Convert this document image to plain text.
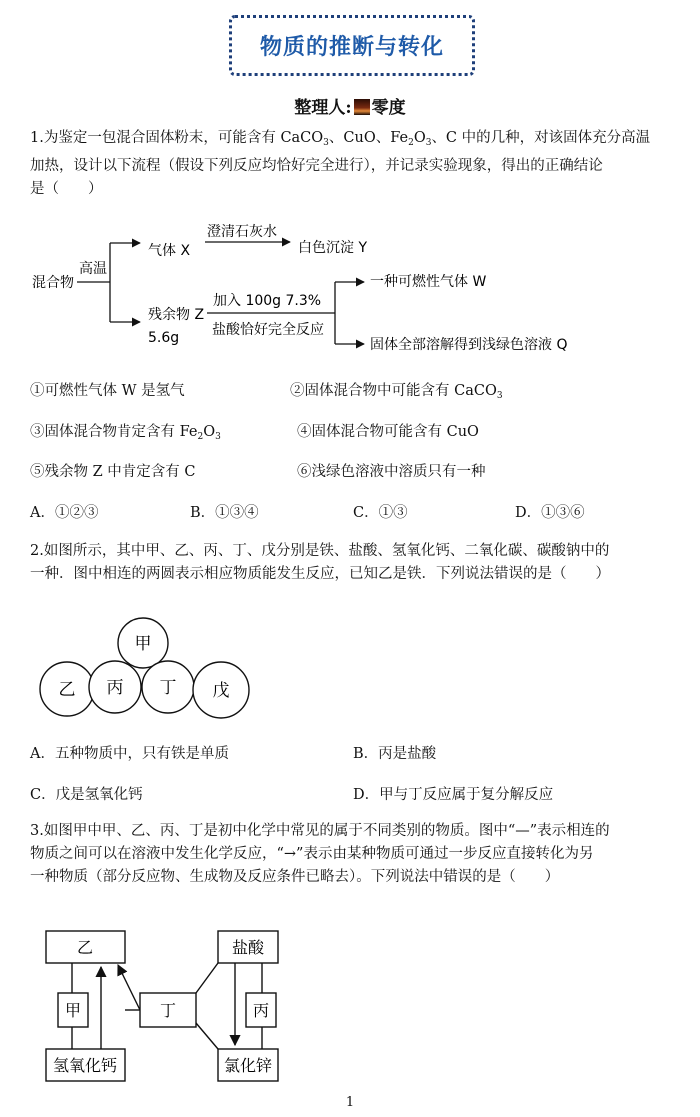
物质的推断与转化
整理人: 零度
1.为鉴定一包混合固体粉末，可能含有 CaCO$_3$、CuO、$Fe_2O_3$、C 中的几种，对该固体充分高温
加热，设计以下流程（假设下列反应均恰好完全进行），并记录实验现象，得出的正确结论
是（　　）
混合物
高温
气体 X
澄清石灰水
白色沉淀 Y
残余物 Z
5.6g
加入 100g 7.3%
盐酸恰好完全反应
一种可燃性气体 W
固体全部溶解得到浅绿色溶液 Q
①可燃性气体 W 是氢气	②固体混合物中可能含有 CaCO$_3$
③固体混合物肯定含有 $Fe_2O_3$	④固体混合物可能含有 CuO
⑤残余物 Z 中肯定含有 C	⑥浅绿色溶液中溶质只有一种
A．①②③	B．①③④	C．①③	D．①③⑥
2.如图所示，其中甲、乙、丙、丁、戊分别是铁、盐酸、氢氧化钙、二氧化碳、碳酸钠中的
一种．图中相连的两圆表示相应物质能发生反应，已知乙是铁．下列说法错误的是（　　）
甲
乙 丙 丁 戊
A．五种物质中，只有铁是单质	B．丙是盐酸
C．戊是氢氧化钙	D．甲与丁反应属于复分解反应
3.如图甲中甲、乙、丙、丁是初中化学中常见的属于不同类别的物质。图中“—”表示相连的
物质之间可以在溶液中发生化学反应，“→”表示由某种物质可通过一步反应直接转化为另
一种物质（部分反应物、生成物及反应条件已略去）。下列说法中错误的是（　　）
乙
甲
氢氧化钙
丁
盐酸
丙
氯化锌
1
